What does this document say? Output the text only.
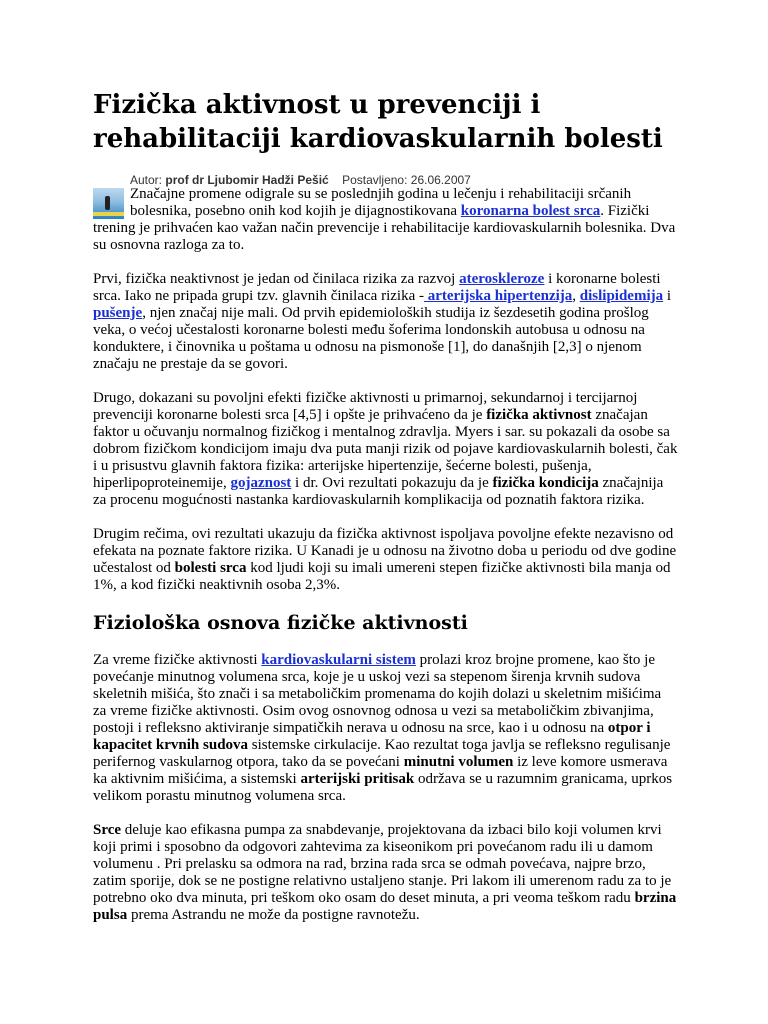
Fizička aktivnost u prevenciji i rehabilitaciji kardiovaskularnih bolesti
Autor: prof dr Ljubomir Hadži Pešić Postavljeno: 26.06.2007

Značajne promene odigrale su se poslednjih godina u lečenju i rehabilitaciji srčanih bolesnika, posebno onih kod kojih je dijagnostikovana koronarna bolest srca. Fizički trening je prihvaćen kao važan način prevencije i rehabilitacije kardiovaskularnih bolesnika. Dva su osnovna razloga za to.

Prvi, fizička neaktivnost je jedan od činilaca rizika za razvoj ateroskleroze i koronarne bolesti srca. Iako ne pripada grupi tzv. glavnih činilaca rizika - arterijska hipertenzija, dislipidemija i pušenje, njen značaj nije mali. Od prvih epidemioloških studija iz šezdesetih godina prošlog veka, o većoj učestalosti koronarne bolesti među šoferima londonskih autobusa u odnosu na kondukterе, i činovnika u poštama u odnosu na pismonoše [1], do današnjih [2,3] o njenom značaju ne prestaje da se govori.

Drugo, dokazani su povoljni efekti fizičke aktivnosti u primarnoj, sekundarnoj i tercijarnoj prevenciji koronarne bolesti srca [4,5] i opšte je prihvaćeno da je fizička aktivnost značajan faktor u očuvanju normalnog fizičkog i mentalnog zdravlja. Myers i sar. su pokazali da osobe sa dobrom fizičkom kondicijom imaju dva puta manji rizik od pojave kardiovaskularnih bolesti, čak i u prisustvu glavnih faktora fizika: arterijske hipertenzije, šećerne bolesti, pušenja, hiperlipoproteinemije, gojaznost i dr. Ovi rezultati pokazuju da je fizička kondicija značajnija za procenu mogućnosti nastanka kardiovaskularnih komplikacija od poznatih faktora rizika.

Drugim rečima, ovi rezultati ukazuju da fizička aktivnost ispoljava povoljne efekte nezavisno od efekata na poznate faktore rizika. U Kanadi je u odnosu na životno doba u periodu od dve godine učestalost od bolesti srca kod ljudi koji su imali umereni stepen fizičke aktivnosti bila manja od 1%, a kod fizički neaktivnih osoba 2,3%.

Fiziološka osnova fizičke aktivnosti

Za vreme fizičke aktivnosti kardiovaskularni sistem prolazi kroz brojne promene, kao što je povećanje minutnog volumena srca, koje je u uskoj vezi sa stepenom širenja krvnih sudova skeletnih mišića, što znači i sa metaboličkim promenama do kojih dolazi u skeletnim mišićima za vreme fizičke aktivnosti. Osim ovog osnovnog odnosa u vezi sa metaboličkim zbivanjima, postoji i refleksno aktiviranje simpatičkih nerava u odnosu na srce, kao i u odnosu na otpor i kapacitet krvnih sudova sistemske cirkulacije. Kao rezultat toga javlja se refleksno regulisanje perifernog vaskularnog otpora, tako da se povećani minutni volumen iz leve komore usmerava ka aktivnim mišićima, a sistemski arterijski pritisak održava se u razumnim granicama, uprkos velikom porastu minutnog volumena srca.

Srce deluje kao efikasna pumpa za snabdevanje, projektovana da izbaci bilo koji volumen krvi koji primi i sposobno da odgovori zahtevima za kiseonikom pri povećanom radu ili u damom volumenu . Pri prelasku sa odmora na rad, brzina rada srca se odmah povećava, najpre brzo, zatim sporije, dok se ne postigne relativno ustaljeno stanje. Pri lakom ili umerenom radu za to je potrebno oko dva minuta, pri teškom oko osam do deset minuta, a pri veoma teškom radu brzina pulsa prema Astrandu ne može da postigne ravnotežu.
